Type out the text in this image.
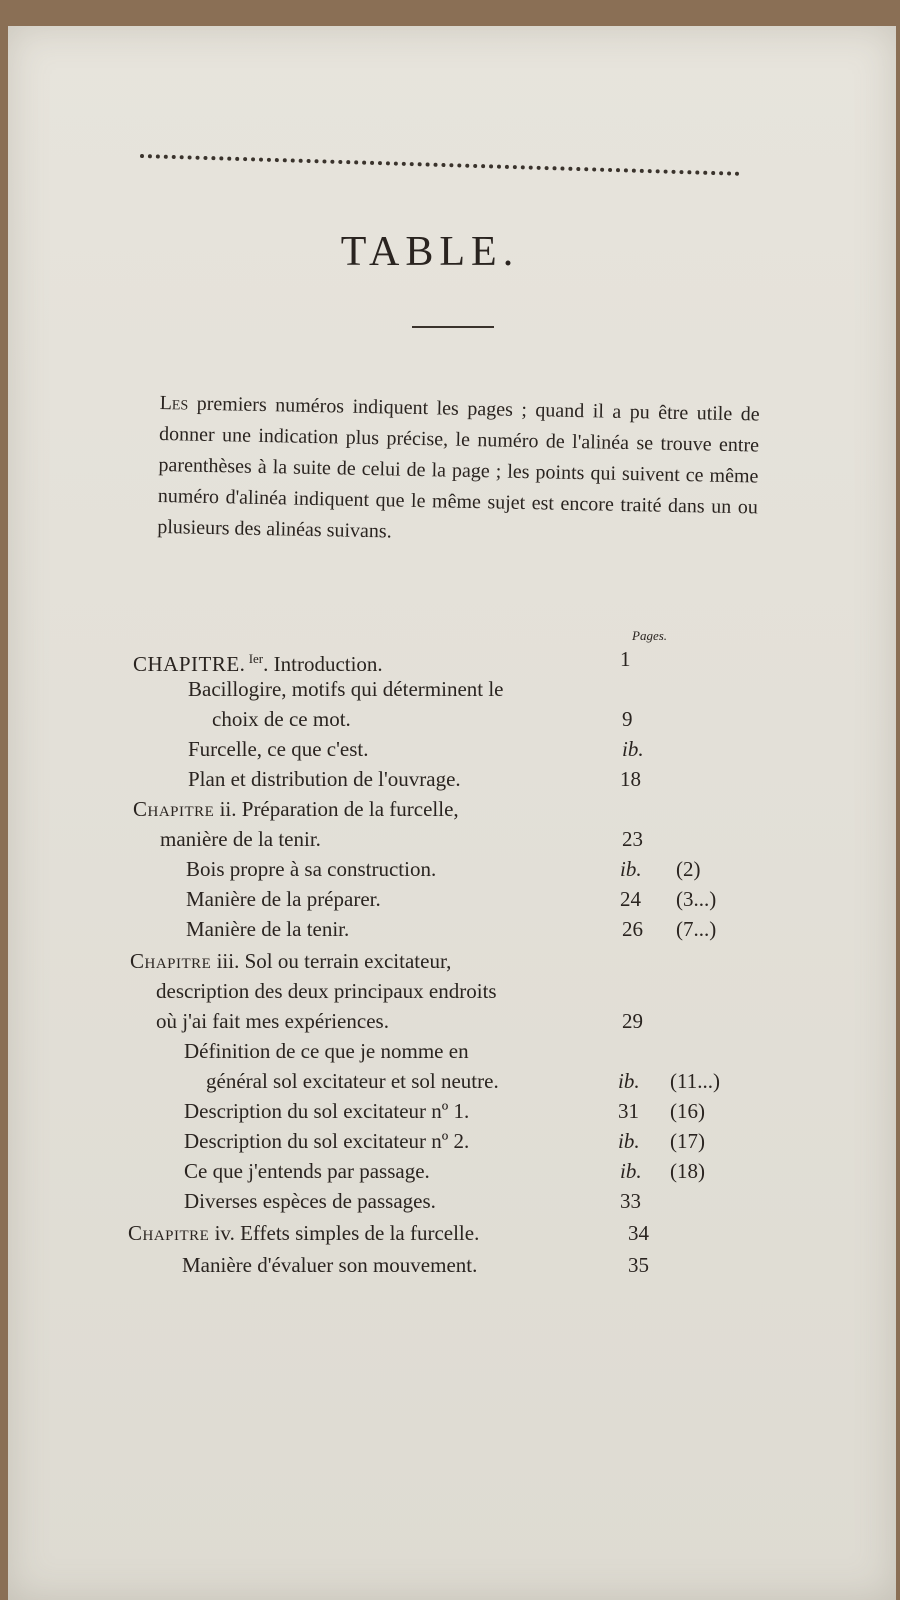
TABLE.

Les premiers numéros indiquent les pages ; quand il a pu être utile de donner une indication plus précise, le numéro de l'alinéa se trouve entre parenthèses à la suite de celui de la page ; les points qui suivent ce même numéro d'alinéa indiquent que le même sujet est encore traité dans un ou plusieurs des alinéas suivans.

Pages.
CHAPITRE. $^{Ier}$. Introduction.	1
Bacillogire, motifs qui déterminent le
choix de ce mot.	9
Furcelle, ce que c'est.	ib.
Plan et distribution de l'ouvrage.	18
Chapitre ii. Préparation de la furcelle,
manière de la tenir.	23
Bois propre à sa construction.	ib. (2)
Manière de la préparer.	24 (3...)
Manière de la tenir.	26 (7...)
Chapitre iii. Sol ou terrain excitateur,
description des deux principaux endroits
où j'ai fait mes expériences.	29
Définition de ce que je nomme en
général sol excitateur et sol neutre.	ib. (11...)
Description du sol excitateur nº 1.	31 (16)
Description du sol excitateur nº 2.	ib. (17)
Ce que j'entends par passage.	ib. (18)
Diverses espèces de passages.	33
Chapitre iv. Effets simples de la furcelle.	34
Manière d'évaluer son mouvement.	35
